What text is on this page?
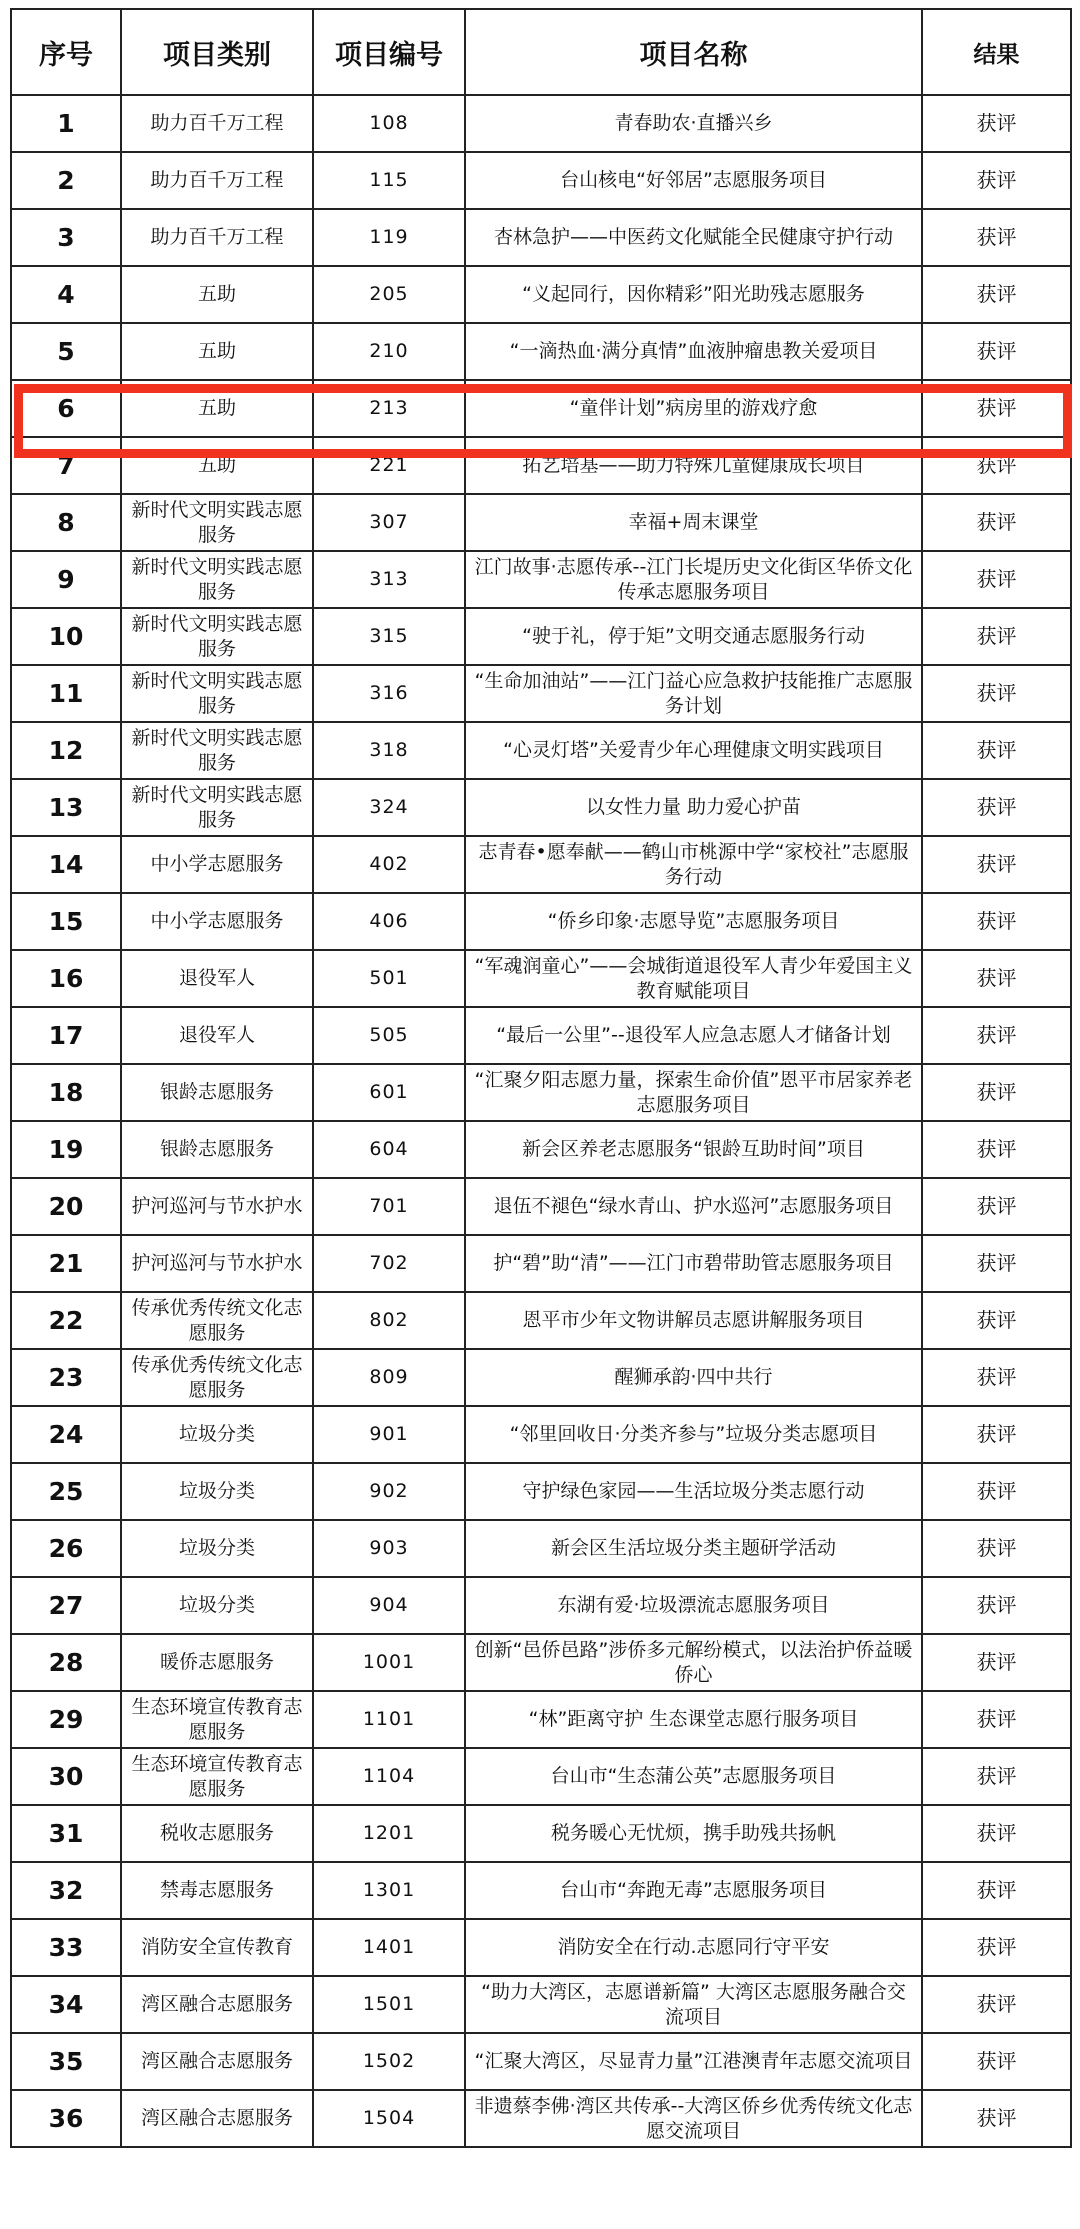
序号	项目类别	项目编号	项目名称	结果
1	助力百千万工程	108	青春助农·直播兴乡	获评
2	助力百千万工程	115	台山核电“好邻居”志愿服务项目	获评
3	助力百千万工程	119	杏林急护——中医药文化赋能全民健康守护行动	获评
4	五助	205	“义起同行，因你精彩”阳光助残志愿服务	获评
5	五助	210	“一滴热血·满分真情”血液肿瘤患教关爱项目	获评
6	五助	213	“童伴计划”病房里的游戏疗愈	获评
7	五助	221	拓艺培基——助力特殊儿童健康成长项目	获评
8	新时代文明实践志愿服务	307	幸福+周末课堂	获评
9	新时代文明实践志愿服务	313	江门故事·志愿传承--江门长堤历史文化街区华侨文化传承志愿服务项目	获评
10	新时代文明实践志愿服务	315	“驶于礼，停于矩”文明交通志愿服务行动	获评
11	新时代文明实践志愿服务	316	“生命加油站”——江门益心应急救护技能推广志愿服务计划	获评
12	新时代文明实践志愿服务	318	“心灵灯塔”关爱青少年心理健康文明实践项目	获评
13	新时代文明实践志愿服务	324	以女性力量 助力爱心护苗	获评
14	中小学志愿服务	402	志青春•愿奉献——鹤山市桃源中学“家校社”志愿服务行动	获评
15	中小学志愿服务	406	“侨乡印象·志愿导览”志愿服务项目	获评
16	退役军人	501	“军魂润童心”——会城街道退役军人青少年爱国主义教育赋能项目	获评
17	退役军人	505	“最后一公里”--退役军人应急志愿人才储备计划	获评
18	银龄志愿服务	601	“汇聚夕阳志愿力量，探索生命价值”恩平市居家养老志愿服务项目	获评
19	银龄志愿服务	604	新会区养老志愿服务“银龄互助时间”项目	获评
20	护河巡河与节水护水	701	退伍不褪色“绿水青山、护水巡河”志愿服务项目	获评
21	护河巡河与节水护水	702	护“碧”助“清”——江门市碧带助管志愿服务项目	获评
22	传承优秀传统文化志愿服务	802	恩平市少年文物讲解员志愿讲解服务项目	获评
23	传承优秀传统文化志愿服务	809	醒狮承韵·四中共行	获评
24	垃圾分类	901	“邻里回收日·分类齐参与”垃圾分类志愿项目	获评
25	垃圾分类	902	守护绿色家园——生活垃圾分类志愿行动	获评
26	垃圾分类	903	新会区生活垃圾分类主题研学活动	获评
27	垃圾分类	904	东湖有爱·垃圾漂流志愿服务项目	获评
28	暖侨志愿服务	1001	创新“邑侨邑路”涉侨多元解纷模式，以法治护侨益暖侨心	获评
29	生态环境宣传教育志愿服务	1101	“林”距离守护 生态课堂志愿行服务项目	获评
30	生态环境宣传教育志愿服务	1104	台山市“生态蒲公英”志愿服务项目	获评
31	税收志愿服务	1201	税务暖心无忧烦，携手助残共扬帆	获评
32	禁毒志愿服务	1301	台山市“奔跑无毒”志愿服务项目	获评
33	消防安全宣传教育	1401	消防安全在行动.志愿同行守平安	获评
34	湾区融合志愿服务	1501	“助力大湾区，志愿谱新篇” 大湾区志愿服务融合交流项目	获评
35	湾区融合志愿服务	1502	“汇聚大湾区，尽显青力量”江港澳青年志愿交流项目	获评
36	湾区融合志愿服务	1504	非遗蔡李佛·湾区共传承--大湾区侨乡优秀传统文化志愿交流项目	获评
